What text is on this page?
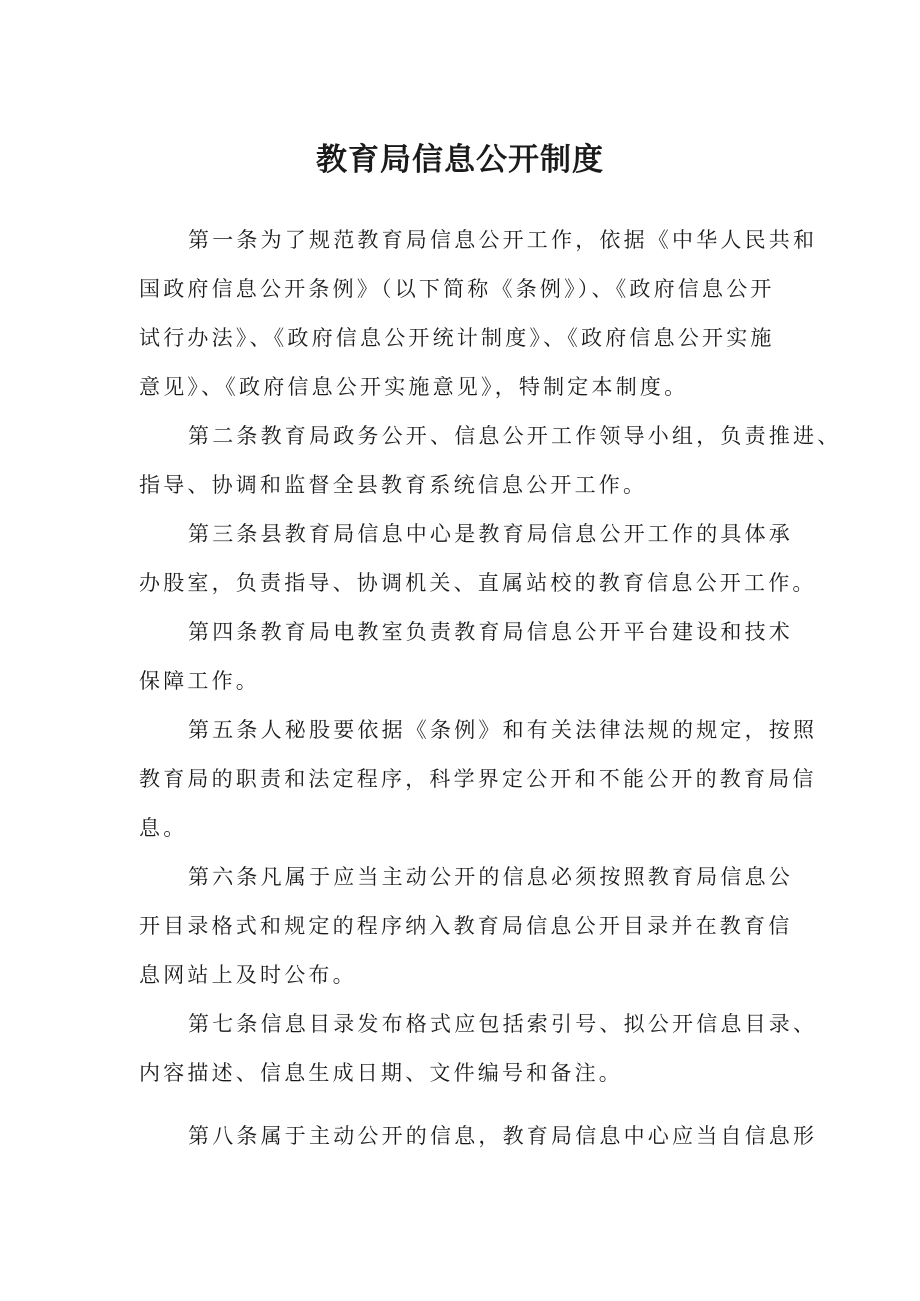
教育局信息公开制度
第一条为了规范教育局信息公开工作，依据《中华人民共和
国政府信息公开条例》（以下简称《条例》）、《政府信息公开
试行办法》、《政府信息公开统计制度》、《政府信息公开实施
意见》、《政府信息公开实施意见》，特制定本制度。
第二条教育局政务公开、信息公开工作领导小组，负责推进、
指导、协调和监督全县教育系统信息公开工作。
第三条县教育局信息中心是教育局信息公开工作的具体承
办股室，负责指导、协调机关、直属站校的教育信息公开工作。
第四条教育局电教室负责教育局信息公开平台建设和技术
保障工作。
第五条人秘股要依据《条例》和有关法律法规的规定，按照
教育局的职责和法定程序，科学界定公开和不能公开的教育局信
息。
第六条凡属于应当主动公开的信息必须按照教育局信息公
开目录格式和规定的程序纳入教育局信息公开目录并在教育信
息网站上及时公布。
第七条信息目录发布格式应包括索引号、拟公开信息目录、
内容描述、信息生成日期、文件编号和备注。
第八条属于主动公开的信息，教育局信息中心应当自信息形
